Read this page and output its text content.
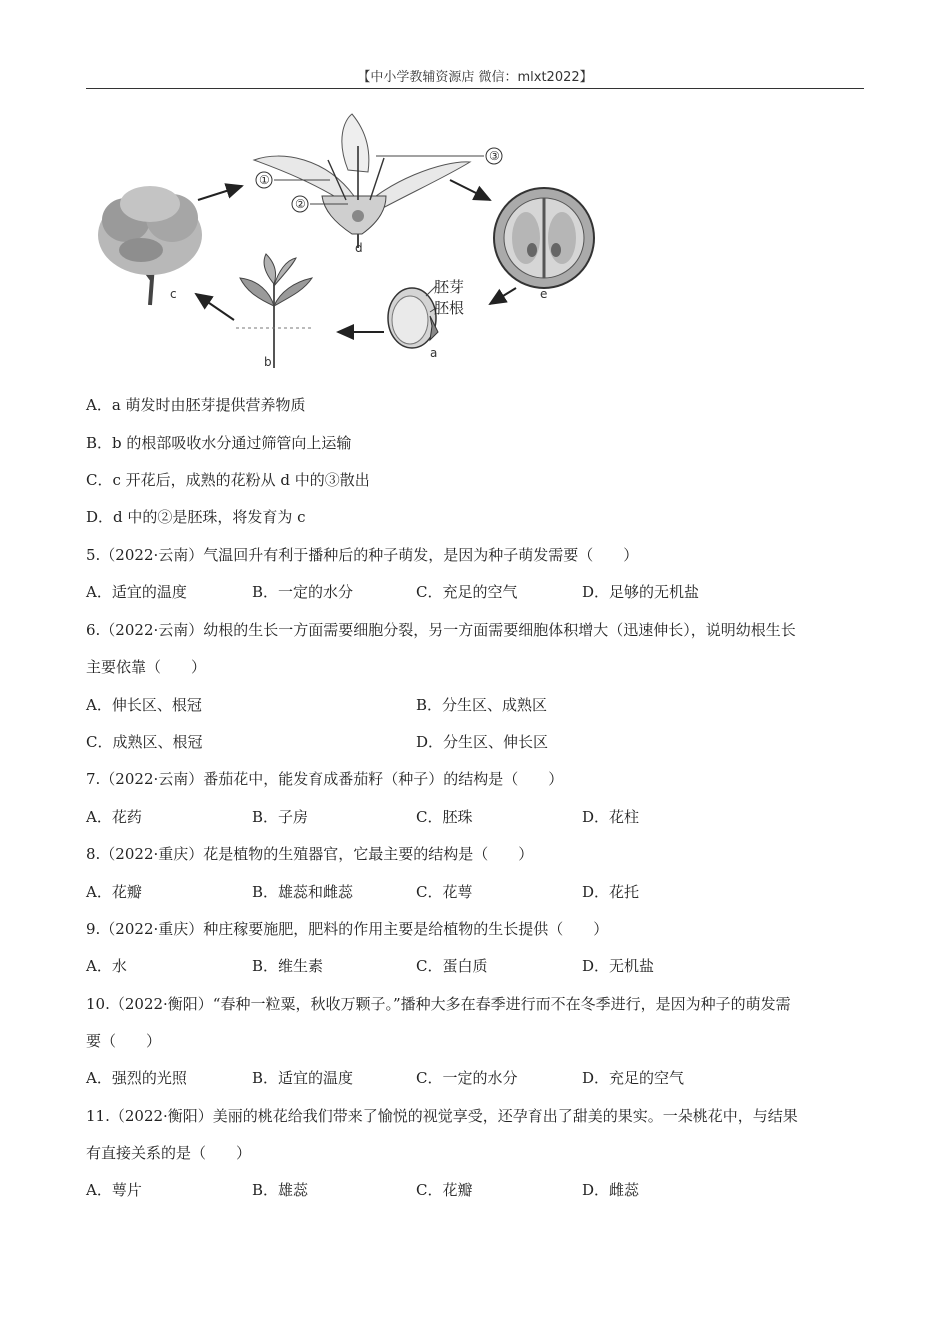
【中小学教辅资源店 微信：mlxt2022】
c
①
②
③
d
e
胚芽
胚根
a
b
A．a 萌发时由胚芽提供营养物质
B．b 的根部吸收水分通过筛管向上运输
C．c 开花后，成熟的花粉从 d 中的③散出
D．d 中的②是胚珠，将发育为 c
5.（2022·云南）气温回升有利于播种后的种子萌发，是因为种子萌发需要（　　）
A．适宜的温度	B．一定的水分	C．充足的空气	D．足够的无机盐
6.（2022·云南）幼根的生长一方面需要细胞分裂，另一方面需要细胞体积增大（迅速伸长），说明幼根生长
主要依靠（　　）
A．伸长区、根冠	B．分生区、成熟区
C．成熟区、根冠	D．分生区、伸长区
7.（2022·云南）番茄花中，能发育成番茄籽（种子）的结构是（　　）
A．花药	B．子房	C．胚珠	D．花柱
8.（2022·重庆）花是植物的生殖器官，它最主要的结构是（　　）
A．花瓣	B．雄蕊和雌蕊	C．花萼	D．花托
9.（2022·重庆）种庄稼要施肥，肥料的作用主要是给植物的生长提供（　　）
A．水	B．维生素	C．蛋白质	D．无机盐
10.（2022·衡阳）“春种一粒粟，秋收万颗子。”播种大多在春季进行而不在冬季进行，是因为种子的萌发需
要（　　）
A．强烈的光照	B．适宜的温度	C．一定的水分	D．充足的空气
11.（2022·衡阳）美丽的桃花给我们带来了愉悦的视觉享受，还孕育出了甜美的果实。一朵桃花中，与结果
有直接关系的是（　　）
A．萼片	B．雄蕊	C．花瓣	D．雌蕊
